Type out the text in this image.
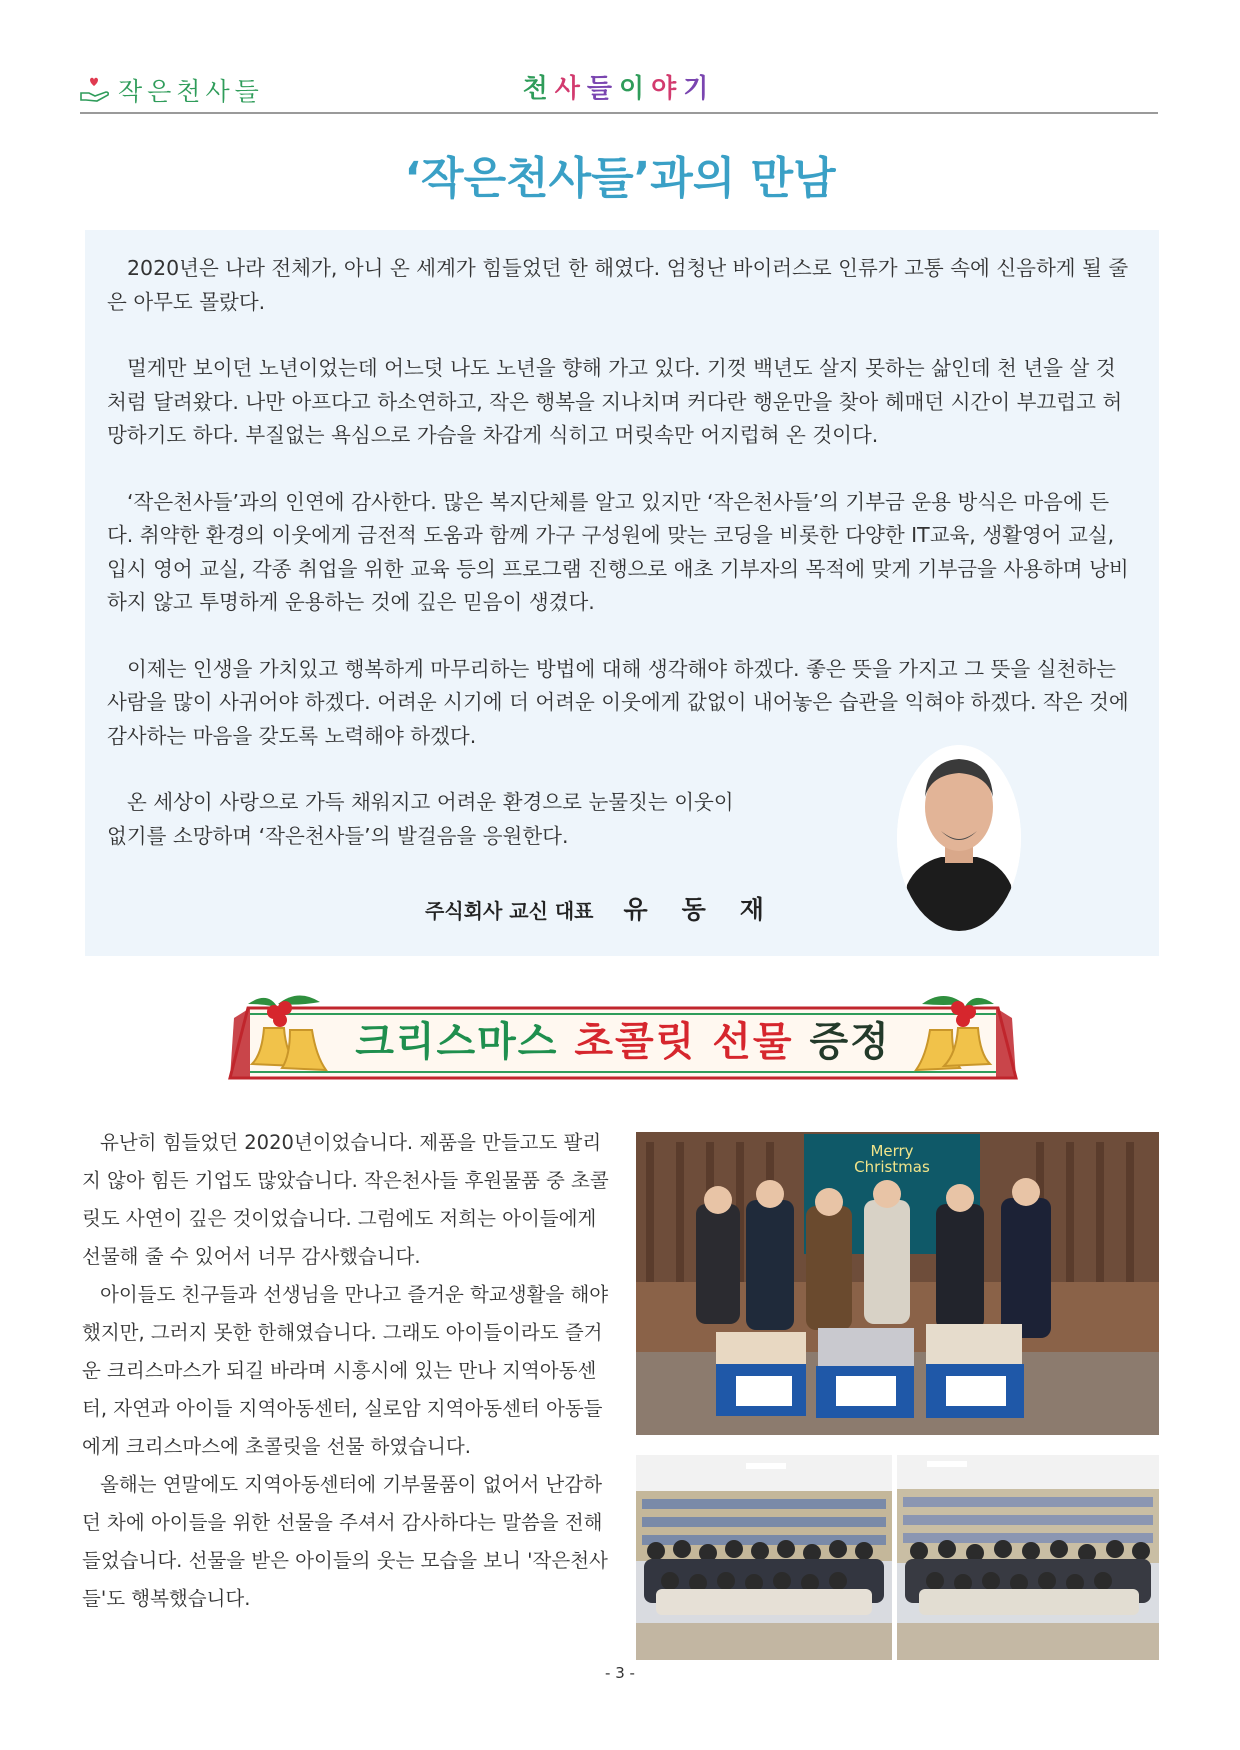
작은천사들	천사들이야기
‘작은천사들’과의 만남

2020년은 나라 전체가, 아니 온 세계가 힘들었던 한 해였다. 엄청난 바이러스로 인류가 고통 속에 신음하게 될 줄은 아무도 몰랐다.

멀게만 보이던 노년이었는데 어느덧 나도 노년을 향해 가고 있다. 기껏 백년도 살지 못하는 삶인데 천 년을 살 것처럼 달려왔다. 나만 아프다고 하소연하고, 작은 행복을 지나치며 커다란 행운만을 찾아 헤매던 시간이 부끄럽고 허망하기도 하다. 부질없는 욕심으로 가슴을 차갑게 식히고 머릿속만 어지럽혀 온 것이다.

‘작은천사들’과의 인연에 감사한다. 많은 복지단체를 알고 있지만 ‘작은천사들’의 기부금 운용 방식은 마음에 든다. 취약한 환경의 이웃에게 금전적 도움과 함께 가구 구성원에 맞는 코딩을 비롯한 다양한 IT교육, 생활영어 교실, 입시 영어 교실, 각종 취업을 위한 교육 등의 프로그램 진행으로 애초 기부자의 목적에 맞게 기부금을 사용하며 낭비하지 않고 투명하게 운용하는 것에 깊은 믿음이 생겼다.

이제는 인생을 가치있고 행복하게 마무리하는 방법에 대해 생각해야 하겠다. 좋은 뜻을 가지고 그 뜻을 실천하는 사람을 많이 사귀어야 하겠다. 어려운 시기에 더 어려운 이웃에게 값없이 내어놓은 습관을 익혀야 하겠다. 작은 것에 감사하는 마음을 갖도록 노력해야 하겠다.

온 세상이 사랑으로 가득 채워지고 어려운 환경으로 눈물짓는 이웃이 없기를 소망하며 ‘작은천사들’의 발걸음을 응원한다.

주식회사 교신 대표 유동재
크리스마스 초콜릿 선물 증정

유난히 힘들었던 2020년이었습니다. 제품을 만들고도 팔리지 않아 힘든 기업도 많았습니다. 작은천사들 후원물품 중 초콜릿도 사연이 깊은 것이었습니다. 그럼에도 저희는 아이들에게 선물해 줄 수 있어서 너무 감사했습니다.

아이들도 친구들과 선생님을 만나고 즐거운 학교생활을 해야했지만, 그러지 못한 한해였습니다. 그래도 아이들이라도 즐거운 크리스마스가 되길 바라며 시흥시에 있는 만나 지역아동센터, 자연과 아이들 지역아동센터, 실로암 지역아동센터 아동들에게 크리스마스에 초콜릿을 선물 하였습니다.

올해는 연말에도 지역아동센터에 기부물품이 없어서 난감하던 차에 아이들을 위한 선물을 주셔서 감사하다는 말씀을 전해들었습니다. 선물을 받은 아이들의 웃는 모습을 보니 '작은천사들'도 행복했습니다.

Merry
Christmas
- 3 -
